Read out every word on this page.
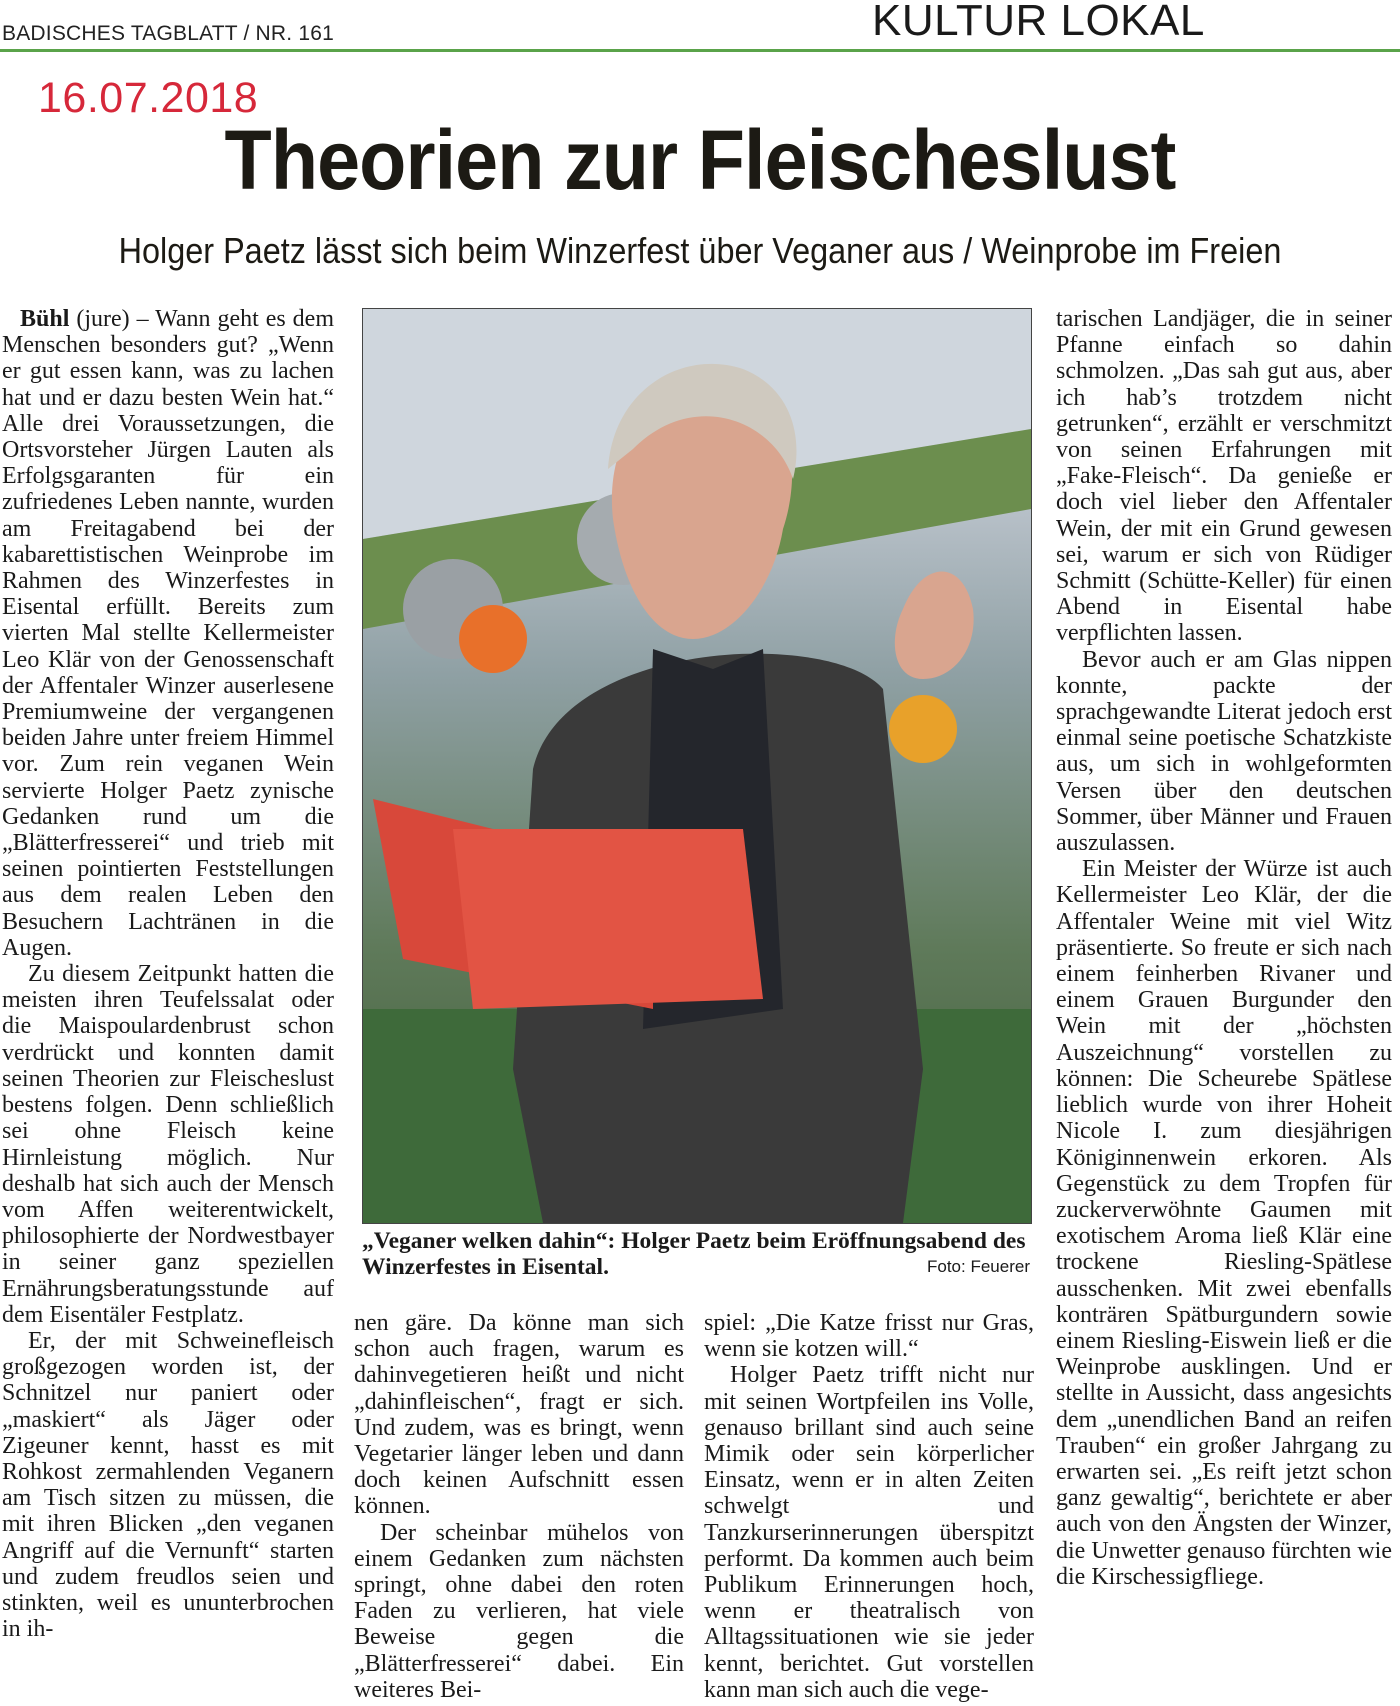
BADISCHES TAGBLATT / NR. 161	KULTUR LOKAL
16.07.2018
Theorien zur Fleischeslust
Holger Paetz lässt sich beim Winzerfest über Veganer aus / Weinprobe im Freien

Bühl (jure) – Wann geht es dem Menschen besonders gut? „Wenn er gut essen kann, was zu lachen hat und er dazu besten Wein hat.“ Alle drei Voraussetzungen, die Ortsvorsteher Jürgen Lauten als Erfolgsgaranten für ein zufriedenes Leben nannte, wurden am Freitagabend bei der kabarettistischen Weinprobe im Rahmen des Winzerfestes in Eisental erfüllt. Bereits zum vierten Mal stellte Kellermeister Leo Klär von der Genossenschaft der Affentaler Winzer auserlesene Premiumweine der vergangenen beiden Jahre unter freiem Himmel vor. Zum rein veganen Wein servierte Holger Paetz zynische Gedanken rund um die „Blätterfresserei“ und trieb mit seinen pointierten Feststellungen aus dem realen Leben den Besuchern Lachtränen in die Augen.

Zu diesem Zeitpunkt hatten die meisten ihren Teufelssalat oder die Maispoulardenbrust schon verdrückt und konnten damit seinen Theorien zur Fleischeslust bestens folgen. Denn schließlich sei ohne Fleisch keine Hirnleistung möglich. Nur deshalb hat sich auch der Mensch vom Affen weiterentwickelt, philosophierte der Nordwestbayer in seiner ganz speziellen Ernährungsberatungsstunde auf dem Eisentäler Festplatz.

Er, der mit Schweinefleisch großgezogen worden ist, der Schnitzel nur paniert oder „maskiert“ als Jäger oder Zigeuner kennt, hasst es mit Rohkost zermahlenden Veganern am Tisch sitzen zu müssen, die mit ihren Blicken „den veganen Angriff auf die Vernunft“ starten und zudem freudlos seien und stinkten, weil es ununterbrochen in ih-

„Veganer welken dahin“: Holger Paetz beim Eröffnungsabend des Winzerfestes in Eisental.	Foto: Feuerer

nen gäre. Da könne man sich schon auch fragen, warum es dahinvegetieren heißt und nicht „dahinfleischen“, fragt er sich. Und zudem, was es bringt, wenn Vegetarier länger leben und dann doch keinen Aufschnitt essen können.

Der scheinbar mühelos von einem Gedanken zum nächsten springt, ohne dabei den roten Faden zu verlieren, hat viele Beweise gegen die „Blätterfresserei“ dabei. Ein weiteres Bei-

spiel: „Die Katze frisst nur Gras, wenn sie kotzen will.“

Holger Paetz trifft nicht nur mit seinen Wortpfeilen ins Volle, genauso brillant sind auch seine Mimik oder sein körperlicher Einsatz, wenn er in alten Zeiten schwelgt und Tanzkurserinnerungen überspitzt performt. Da kommen auch beim Publikum Erinnerungen hoch, wenn er theatralisch von Alltagssituationen wie sie jeder kennt, berichtet. Gut vorstellen kann man sich auch die vege-

tarischen Landjäger, die in seiner Pfanne einfach so dahin schmolzen. „Das sah gut aus, aber ich hab’s trotzdem nicht getrunken“, erzählt er verschmitzt von seinen Erfahrungen mit „Fake-Fleisch“. Da genieße er doch viel lieber den Affentaler Wein, der mit ein Grund gewesen sei, warum er sich von Rüdiger Schmitt (Schütte-Keller) für einen Abend in Eisental habe verpflichten lassen.

Bevor auch er am Glas nippen konnte, packte der sprachgewandte Literat jedoch erst einmal seine poetische Schatzkiste aus, um sich in wohlgeformten Versen über den deutschen Sommer, über Männer und Frauen auszulassen.

Ein Meister der Würze ist auch Kellermeister Leo Klär, der die Affentaler Weine mit viel Witz präsentierte. So freute er sich nach einem feinherben Rivaner und einem Grauen Burgunder den Wein mit der „höchsten Auszeichnung“ vorstellen zu können: Die Scheurebe Spätlese lieblich wurde von ihrer Hoheit Nicole I. zum diesjährigen Königinnenwein erkoren. Als Gegenstück zu dem Tropfen für zuckerverwöhnte Gaumen mit exotischem Aroma ließ Klär eine trockene Riesling-Spätlese ausschenken. Mit zwei ebenfalls konträren Spätburgundern sowie einem Riesling-Eiswein ließ er die Weinprobe ausklingen. Und er stellte in Aussicht, dass angesichts dem „unendlichen Band an reifen Trauben“ ein großer Jahrgang zu erwarten sei. „Es reift jetzt schon ganz gewaltig“, berichtete er aber auch von den Ängsten der Winzer, die Unwetter genauso fürchten wie die Kirschessigfliege.
